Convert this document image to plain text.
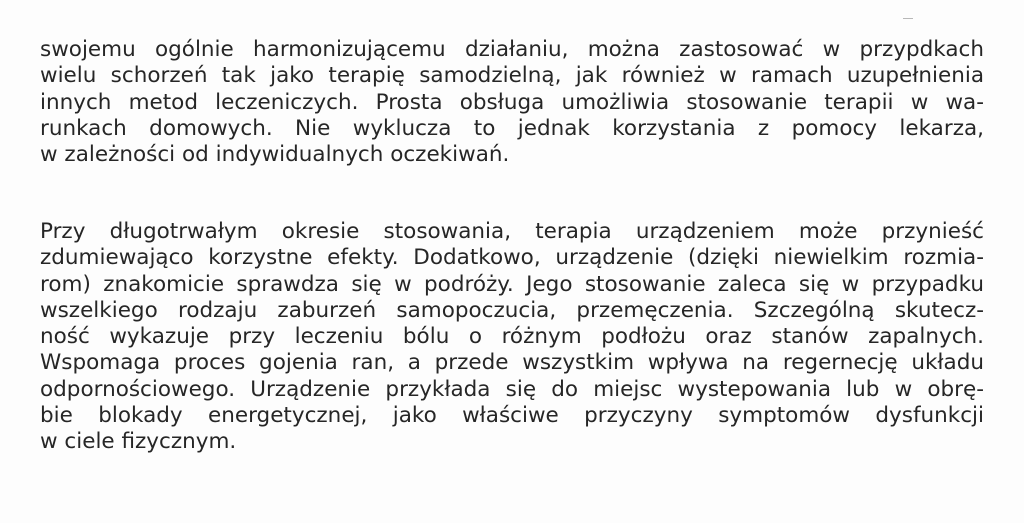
swojemu ogólnie harmonizującemu działaniu, można zastosować w przypdkach
wielu schorzeń tak jako terapię samodzielną, jak również w ramach uzupełnienia
innych metod leczeniczych. Prosta obsługa umożliwia stosowanie terapii w wa-
runkach domowych. Nie wyklucza to jednak korzystania z pomocy lekarza,
w zależności od indywidualnych oczekiwań.

Przy długotrwałym okresie stosowania, terapia urządzeniem może przynieść
zdumiewająco korzystne efekty. Dodatkowo, urządzenie (dzięki niewielkim rozmia-
rom) znakomicie sprawdza się w podróży. Jego stosowanie zaleca się w przypadku
wszelkiego rodzaju zaburzeń samopoczucia, przemęczenia. Szczególną skutecz-
ność wykazuje przy leczeniu bólu o różnym podłożu oraz stanów zapalnych.
Wspomaga proces gojenia ran, a przede wszystkim wpływa na regernecję układu
odpornościowego. Urządzenie przykłada się do miejsc wystepowania lub w obrę-
bie blokady energetycznej, jako właściwe przyczyny symptomów dysfunkcji
w ciele fizycznym.
